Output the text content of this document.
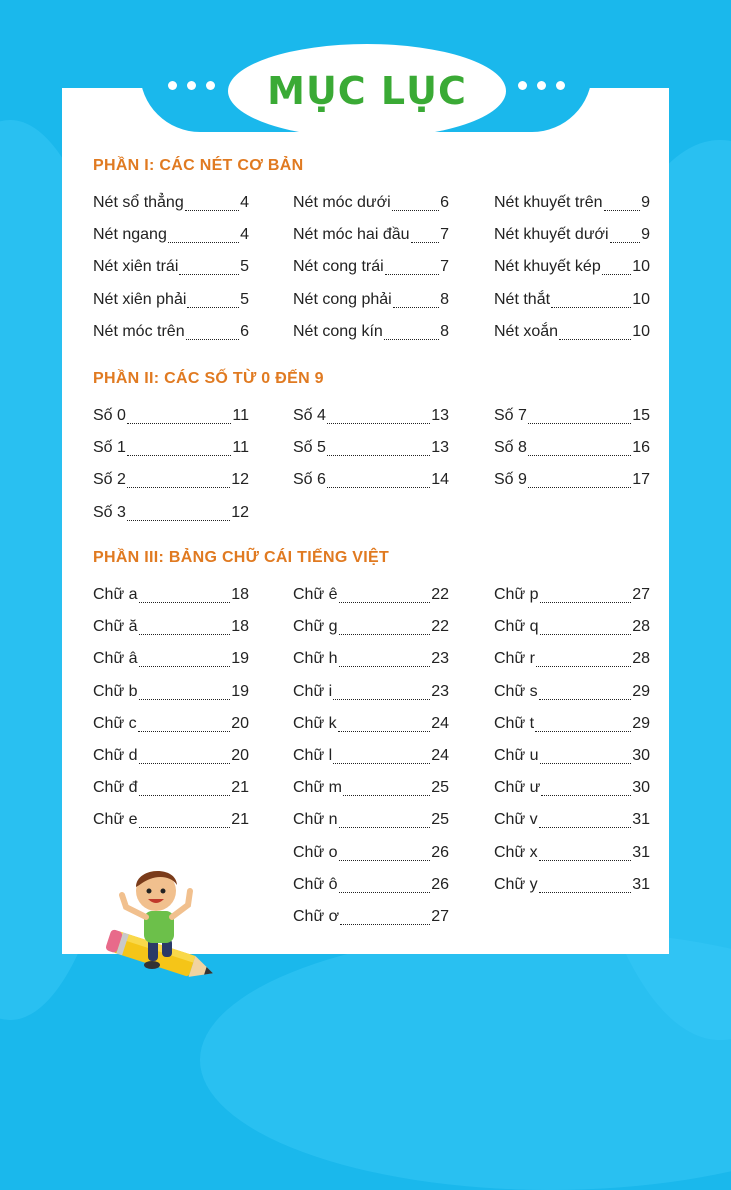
MỤC LỤC
PHẦN I: CÁC NÉT CƠ BẢN
Nét sổ thẳng	4
Nét ngang	4
Nét xiên trái	5
Nét xiên phải	5
Nét móc trên	6
Nét móc dưới	6
Nét móc hai đầu 7
Nét cong trái	7
Nét cong phải	8
Nét cong kín	8
Nét khuyết trên 9
Nét khuyết dưới 9
Nét khuyết kép 10
Nét thắt	10
Nét xoắn	10
PHẦN II: CÁC SỐ TỪ 0 ĐẾN 9
Số 0	11
Số 1	11
Số 2	12
Số 3	12
Số 4	13
Số 5	13
Số 6	14
Số 7	15
Số 8	16
Số 9	17
PHẦN III: BẢNG CHỮ CÁI TIẾNG VIỆT
Chữ a	18
Chữ ă	18
Chữ â	19
Chữ b	19
Chữ c	20
Chữ d	20
Chữ đ	21
Chữ e	21
Chữ ê	22
Chữ g	22
Chữ h	23
Chữ i	23
Chữ k	24
Chữ l	24
Chữ m	25
Chữ n	25
Chữ o	26
Chữ ô	26
Chữ ơ	27
Chữ p	27
Chữ q	28
Chữ r	28
Chữ s	29
Chữ t	29
Chữ u	30
Chữ ư	30
Chữ v	31
Chữ x	31
Chữ y	31
